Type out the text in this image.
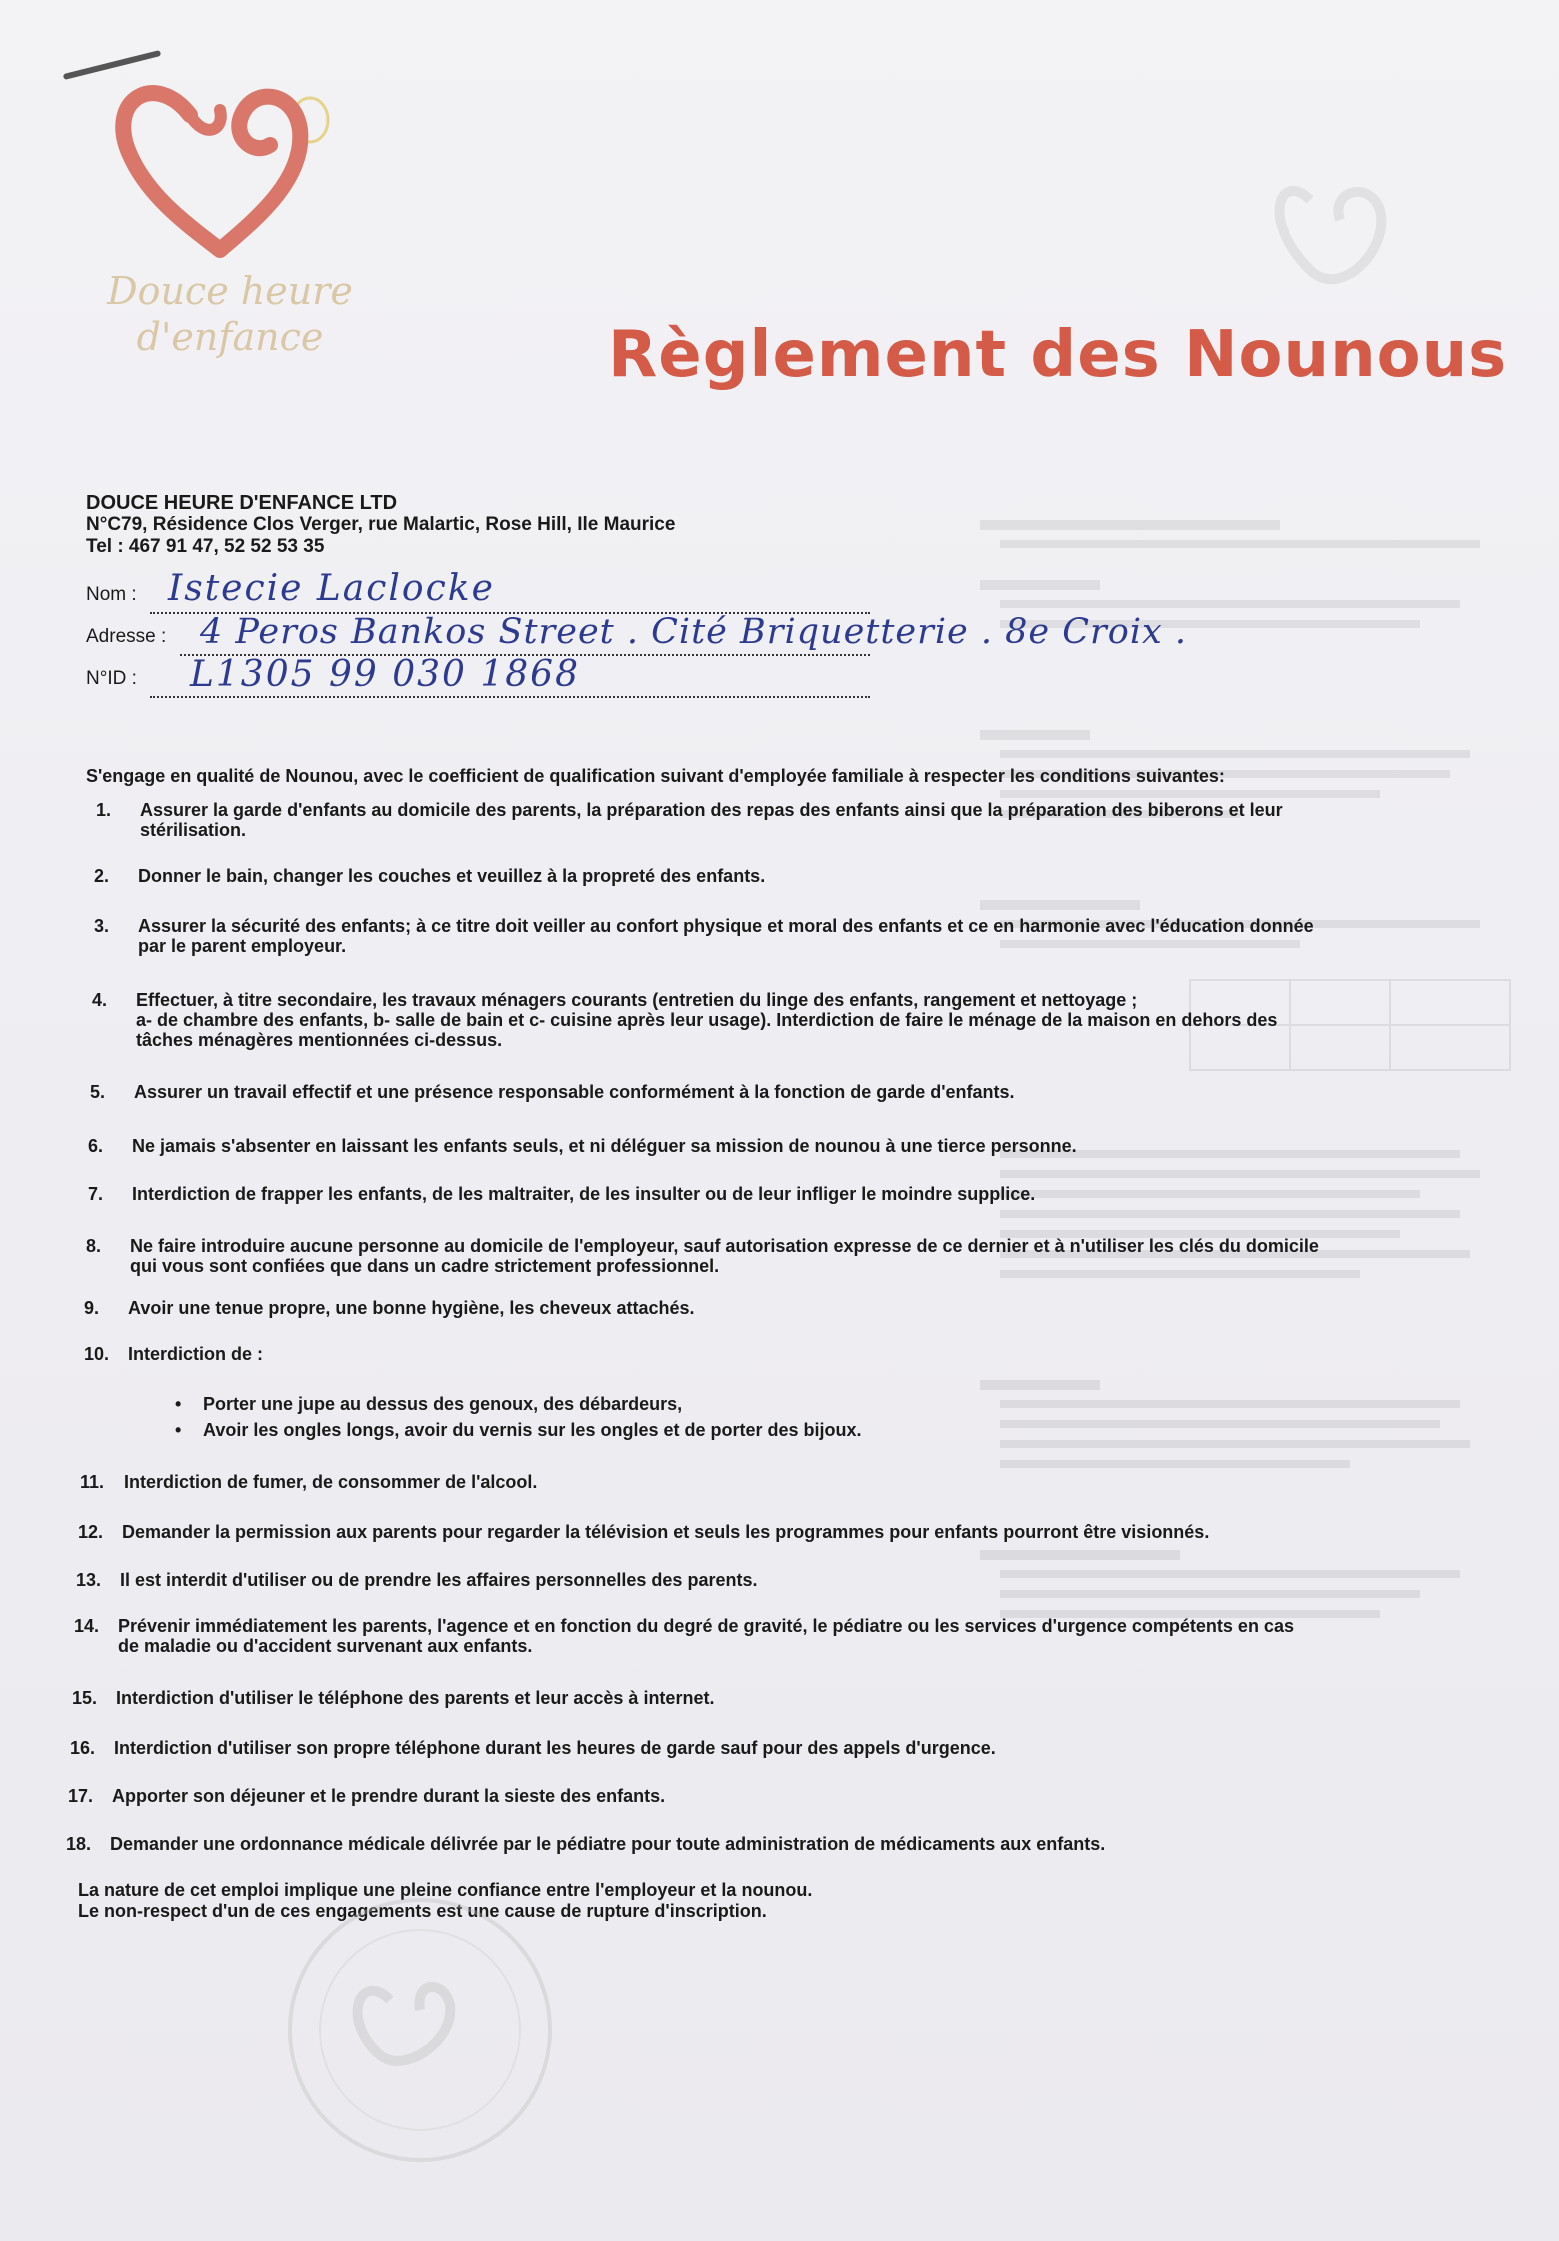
Douce heure
d'enfance	Règlement des Nounous
DOUCE HEURE D'ENFANCE LTD
N°C79, Résidence Clos Verger, rue Malartic, Rose Hill, Ile Maurice
Tel : 467 91 47, 52 52 53 35
Nom : Istecie Laclocke
Adresse : 4 Peros Bankos Street . Cité Briquetterie . 8e Croix .
N°ID : L1305 99 030 1868
S'engage en qualité de Nounou, avec le coefficient de qualification suivant d'employée familiale à respecter les conditions suivantes:
1. Assurer la garde d'enfants au domicile des parents, la préparation des repas des enfants ainsi que la préparation des biberons et leur
stérilisation.
2. Donner le bain, changer les couches et veuillez à la propreté des enfants.
3. Assurer la sécurité des enfants; à ce titre doit veiller au confort physique et moral des enfants et ce en harmonie avec l'éducation donnée
par le parent employeur.
4. Effectuer, à titre secondaire, les travaux ménagers courants (entretien du linge des enfants, rangement et nettoyage ;
a- de chambre des enfants, b- salle de bain et c- cuisine après leur usage). Interdiction de faire le ménage de la maison en dehors des
tâches ménagères mentionnées ci-dessus.
5. Assurer un travail effectif et une présence responsable conformément à la fonction de garde d'enfants.
6. Ne jamais s'absenter en laissant les enfants seuls, et ni déléguer sa mission de nounou à une tierce personne.
7. Interdiction de frapper les enfants, de les maltraiter, de les insulter ou de leur infliger le moindre supplice.
8. Ne faire introduire aucune personne au domicile de l'employeur, sauf autorisation expresse de ce dernier et à n'utiliser les clés du domicile
qui vous sont confiées que dans un cadre strictement professionnel.
9. Avoir une tenue propre, une bonne hygiène, les cheveux attachés.
10. Interdiction de :
11. Interdiction de fumer, de consommer de l'alcool.
12. Demander la permission aux parents pour regarder la télévision et seuls les programmes pour enfants pourront être visionnés.
13. Il est interdit d'utiliser ou de prendre les affaires personnelles des parents.
14. Prévenir immédiatement les parents, l'agence et en fonction du degré de gravité, le pédiatre ou les services d'urgence compétents en cas
de maladie ou d'accident survenant aux enfants.
15. Interdiction d'utiliser le téléphone des parents et leur accès à internet.
16. Interdiction d'utiliser son propre téléphone durant les heures de garde sauf pour des appels d'urgence.
17. Apporter son déjeuner et le prendre durant la sieste des enfants.
18. Demander une ordonnance médicale délivrée par le pédiatre pour toute administration de médicaments aux enfants.
• Porter une jupe au dessus des genoux, des débardeurs,
• Avoir les ongles longs, avoir du vernis sur les ongles et de porter des bijoux.
La nature de cet emploi implique une pleine confiance entre l'employeur et la nounou.
Le non-respect d'un de ces engagements est une cause de rupture d'inscription.
